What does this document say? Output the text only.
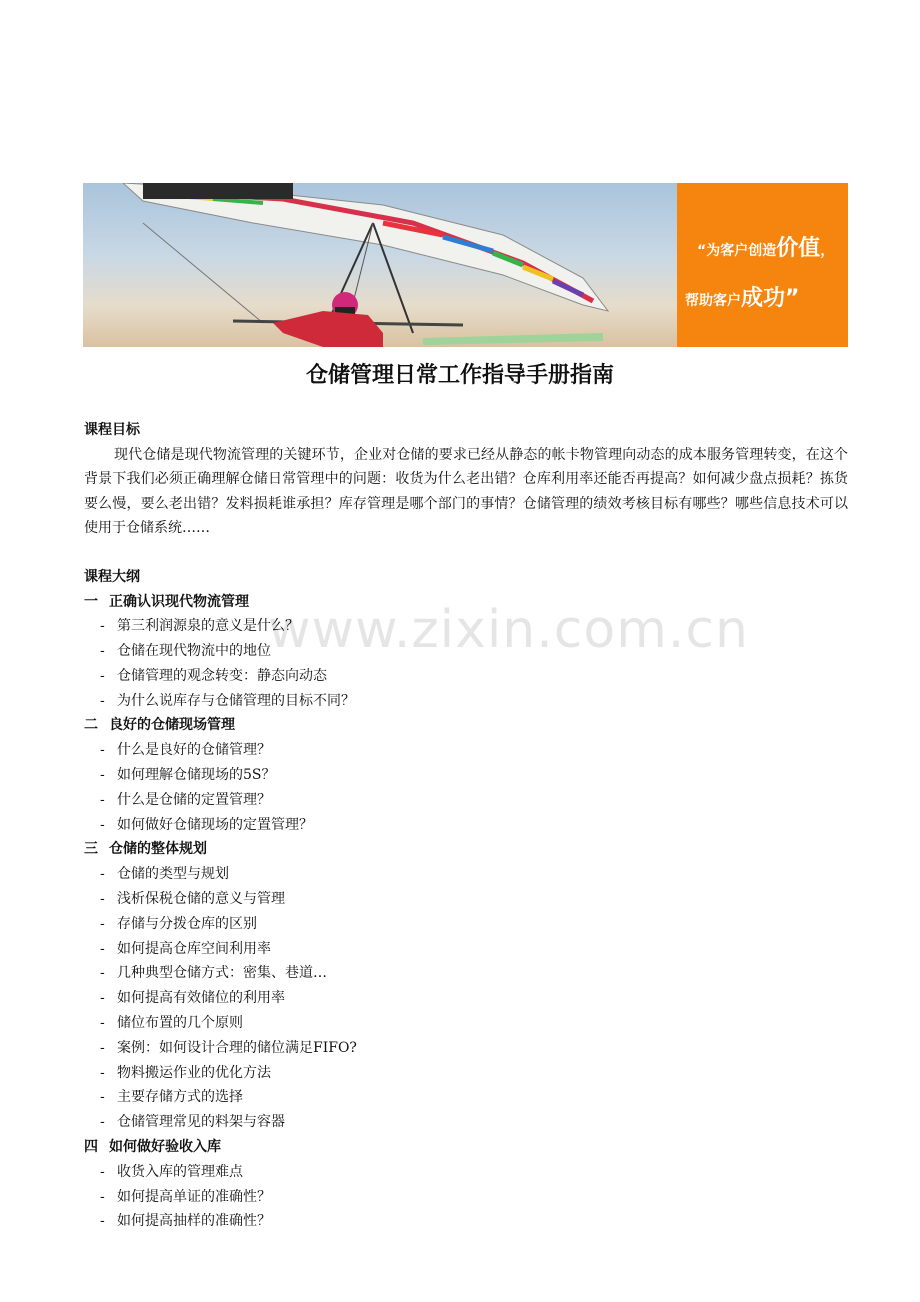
“为客户创造价值，
帮助客户成功”
仓储管理日常工作指导手册指南
www.zixin.com.cn

课程目标

现代仓储是现代物流管理的关键环节，企业对仓储的要求已经从静态的帐卡物管理向动态的成本服务管理转变，在这个背景下我们必须正确理解仓储日常管理中的问题：收货为什么老出错？仓库利用率还能否再提高？如何减少盘点损耗？拣货要么慢，要么老出错？发料损耗谁承担？库存管理是哪个部门的事情？仓储管理的绩效考核目标有哪些？哪些信息技术可以使用于仓储系统……

课程大纲

一 正确认识现代物流管理

- 第三利润源泉的意义是什么？
- 仓储在现代物流中的地位
- 仓储管理的观念转变：静态向动态
- 为什么说库存与仓储管理的目标不同？

二 良好的仓储现场管理

- 什么是良好的仓储管理？
- 如何理解仓储现场的5S？
- 什么是仓储的定置管理？
- 如何做好仓储现场的定置管理？

三 仓储的整体规划

- 仓储的类型与规划
- 浅析保税仓储的意义与管理
- 存储与分拨仓库的区别
- 如何提高仓库空间利用率
- 几种典型仓储方式：密集、巷道…
- 如何提高有效储位的利用率
- 储位布置的几个原则
- 案例：如何设计合理的储位满足FIFO?
- 物料搬运作业的优化方法
- 主要存储方式的选择
- 仓储管理常见的料架与容器

四 如何做好验收入库

- 收货入库的管理难点
- 如何提高单证的准确性？
- 如何提高抽样的准确性？
